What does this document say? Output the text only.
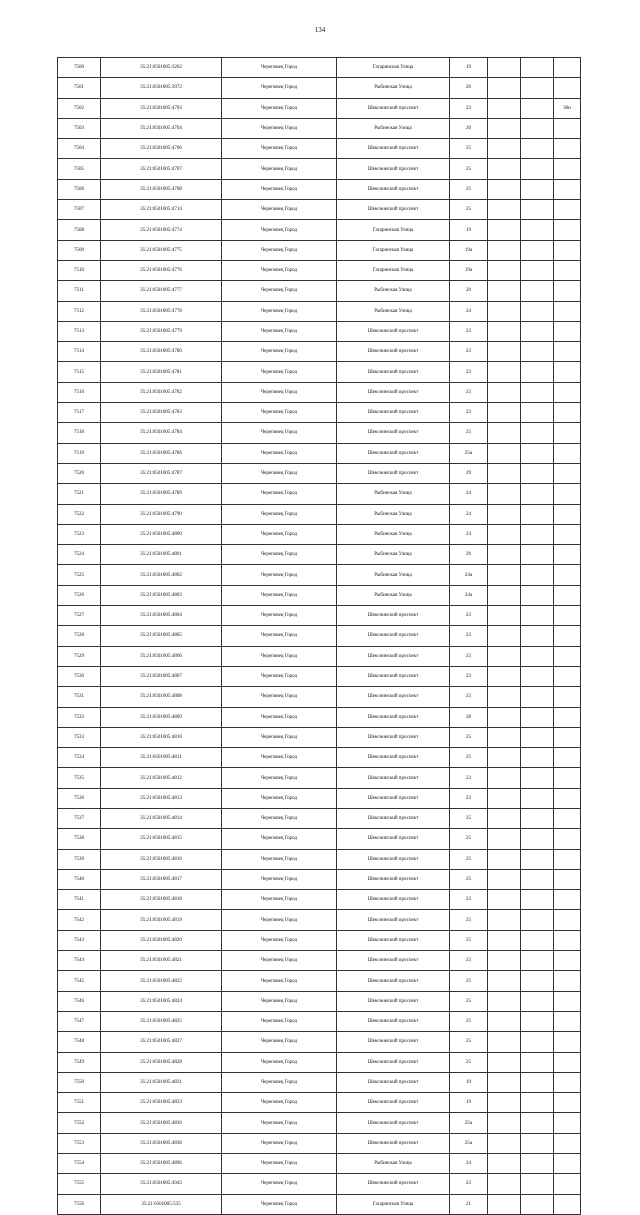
134
7500	35:21:0501005:3262	Череповец Город	Гагаринская Улица	19			
7501	35:21:0501005:3972	Череповец Город	Рыбинская Улица	20			
7502	35:21:0501005:4703	Череповец Город	Шекснинский проспект	23			30н
7503	35:21:0501005:4704	Череповец Город	Рыбинская Улица	20			
7504	35:21:0501005:4706	Череповец Город	Шекснинский проспект	25			
7505	35:21:0501005:4707	Череповец Город	Шекснинский проспект	25			
7506	35:21:0501005:4708	Череповец Город	Шекснинский проспект	25			
7507	35:21:0501005:4714	Череповец Город	Шекснинский проспект	25			
7508	35:21:0501005:4774	Череповец Город	Гагаринская Улица	19			
7509	35:21:0501005:4775	Череповец Город	Гагаринская Улица	19а			
7510	35:21:0501005:4776	Череповец Город	Гагаринская Улица	19а			
7511	35:21:0501005:4777	Череповец Город	Рыбинская Улица	20			
7512	35:21:0501005:4778	Череповец Город	Рыбинская Улица	24			
7513	35:21:0501005:4779	Череповец Город	Шекснинский проспект	23			
7514	35:21:0501005:4780	Череповец Город	Шекснинский проспект	23			
7515	35:21:0501005:4781	Череповец Город	Шекснинский проспект	23			
7516	35:21:0501005:4782	Череповец Город	Шекснинский проспект	23			
7517	35:21:0501005:4783	Череповец Город	Шекснинский проспект	23			
7518	35:21:0501005:4784	Череповец Город	Шекснинский проспект	25			
7519	35:21:0501005:4786	Череповец Город	Шекснинский проспект	25а			
7520	35:21:0501005:4787	Череповец Город	Шекснинский проспект	29			
7521	35:21:0501005:4789	Череповец Город	Рыбинская Улица	24			
7522	35:21:0501005:4790	Череповец Город	Рыбинская Улица	24			
7523	35:21:0501005:4800	Череповец Город	Рыбинская Улица	24			
7524	35:21:0501005:4801	Череповец Город	Рыбинская Улица	26			
7525	35:21:0501005:4802	Череповец Город	Рыбинская Улица	24а			
7526	35:21:0501005:4803	Череповец Город	Рыбинская Улица	24а			
7527	35:21:0501005:4804	Череповец Город	Шекснинский проспект	23			
7528	35:21:0501005:4805	Череповец Город	Шекснинский проспект	23			
7529	35:21:0501005:4806	Череповец Город	Шекснинский проспект	23			
7530	35:21:0501005:4807	Череповец Город	Шекснинский проспект	23			
7531	35:21:0501005:4808	Череповец Город	Шекснинский проспект	23			
7532	35:21:0501005:4809	Череповец Город	Шекснинский проспект	28			
7533	35:21:0501005:4810	Череповец Город	Шекснинский проспект	25			
7534	35:21:0501005:4811	Череповец Город	Шекснинский проспект	25			
7535	35:21:0501005:4812	Череповец Город	Шекснинский проспект	23			
7536	35:21:0501005:4813	Череповец Город	Шекснинский проспект	23			
7537	35:21:0501005:4814	Череповец Город	Шекснинский проспект	25			
7538	35:21:0501005:4815	Череповец Город	Шекснинский проспект	25			
7539	35:21:0501005:4816	Череповец Город	Шекснинский проспект	25			
7540	35:21:0501005:4817	Череповец Город	Шекснинский проспект	25			
7541	35:21:0501005:4818	Череповец Город	Шекснинский проспект	23			
7542	35:21:0501005:4819	Череповец Город	Шекснинский проспект	25			
7543	35:21:0501005:4820	Череповец Город	Шекснинский проспект	25			
7544	35:21:0501005:4821	Череповец Город	Шекснинский проспект	23			
7545	35:21:0501005:4822	Череповец Город	Шекснинский проспект	25			
7546	35:21:0501005:4824	Череповец Город	Шекснинский проспект	25			
7547	35:21:0501005:4825	Череповец Город	Шекснинский проспект	25			
7548	35:21:0501005:4827	Череповец Город	Шекснинский проспект	25			
7549	35:21:0501005:4828	Череповец Город	Шекснинский проспект	25			
7550	35:21:0501005:4831	Череповец Город	Шекснинский проспект	19			
7551	35:21:0501005:4833	Череповец Город	Шекснинский проспект	19			
7552	35:21:0501005:4836	Череповец Город	Шекснинский проспект	25а			
7553	35:21:0501005:4838	Череповец Город	Шекснинский проспект	25а			
7554	35:21:0501005:4896	Череповец Город	Рыбинская Улица	24			
7555	35:21:0501005:4943	Череповец Город	Шекснинский проспект	23			
7556	35:21:0501005:535	Череповец Город	Гагаринская Улица	21			
